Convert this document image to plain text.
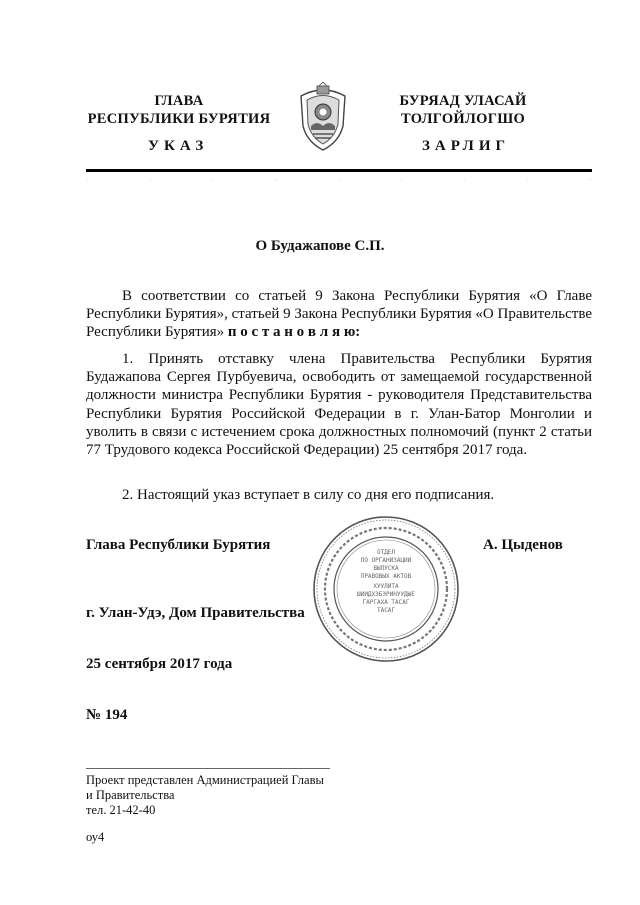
ГЛАВА
РЕСПУБЛИКИ БУРЯТИЯ
УКАЗ
БУРЯАД УЛАСАЙ
ТОЛГОЙЛОГШО
ЗАРЛИГ
·	·	·	·	·	·	·	·	·
О Будажапове С.П.
В соответствии со статьей 9 Закона Республики Бурятия «О Главе Республики Бурятия», статьей 9 Закона Республики Бурятия «О Правительстве Республики Бурятия» п о с т а н о в л я ю:
1. Принять отставку члена Правительства Республики Бурятия Будажапова Сергея Пурбуевича, освободить от замещаемой государственной должности министра Республики Бурятия - руководителя Представительства Республики Бурятия Российской Федерации в г. Улан-Батор Монголии и уволить в связи с истечением срока должностных полномочий (пункт 2 статьи 77 Трудового кодекса Российской Федерации) 25 сентября 2017 года.
2. Настоящий указ вступает в силу со дня его подписания.
Глава Республики Бурятия	А. Цыденов
г. Улан-Удэ, Дом Правительства
25 сентября 2017 года
№ 194
ОТДЕЛ
ПО ОРГАНИЗАЦИИ
ВЫПУСКА
ПРАВОВЫХ АКТОВ
ХУУЛИТА
ШИИДХЭБЭРИНУУДЫЕ
ГАРГАХА ТАСАГ
ТАСАГ
Проект представлен Администрацией Главы
и Правительства
тел. 21-42-40
оу4
